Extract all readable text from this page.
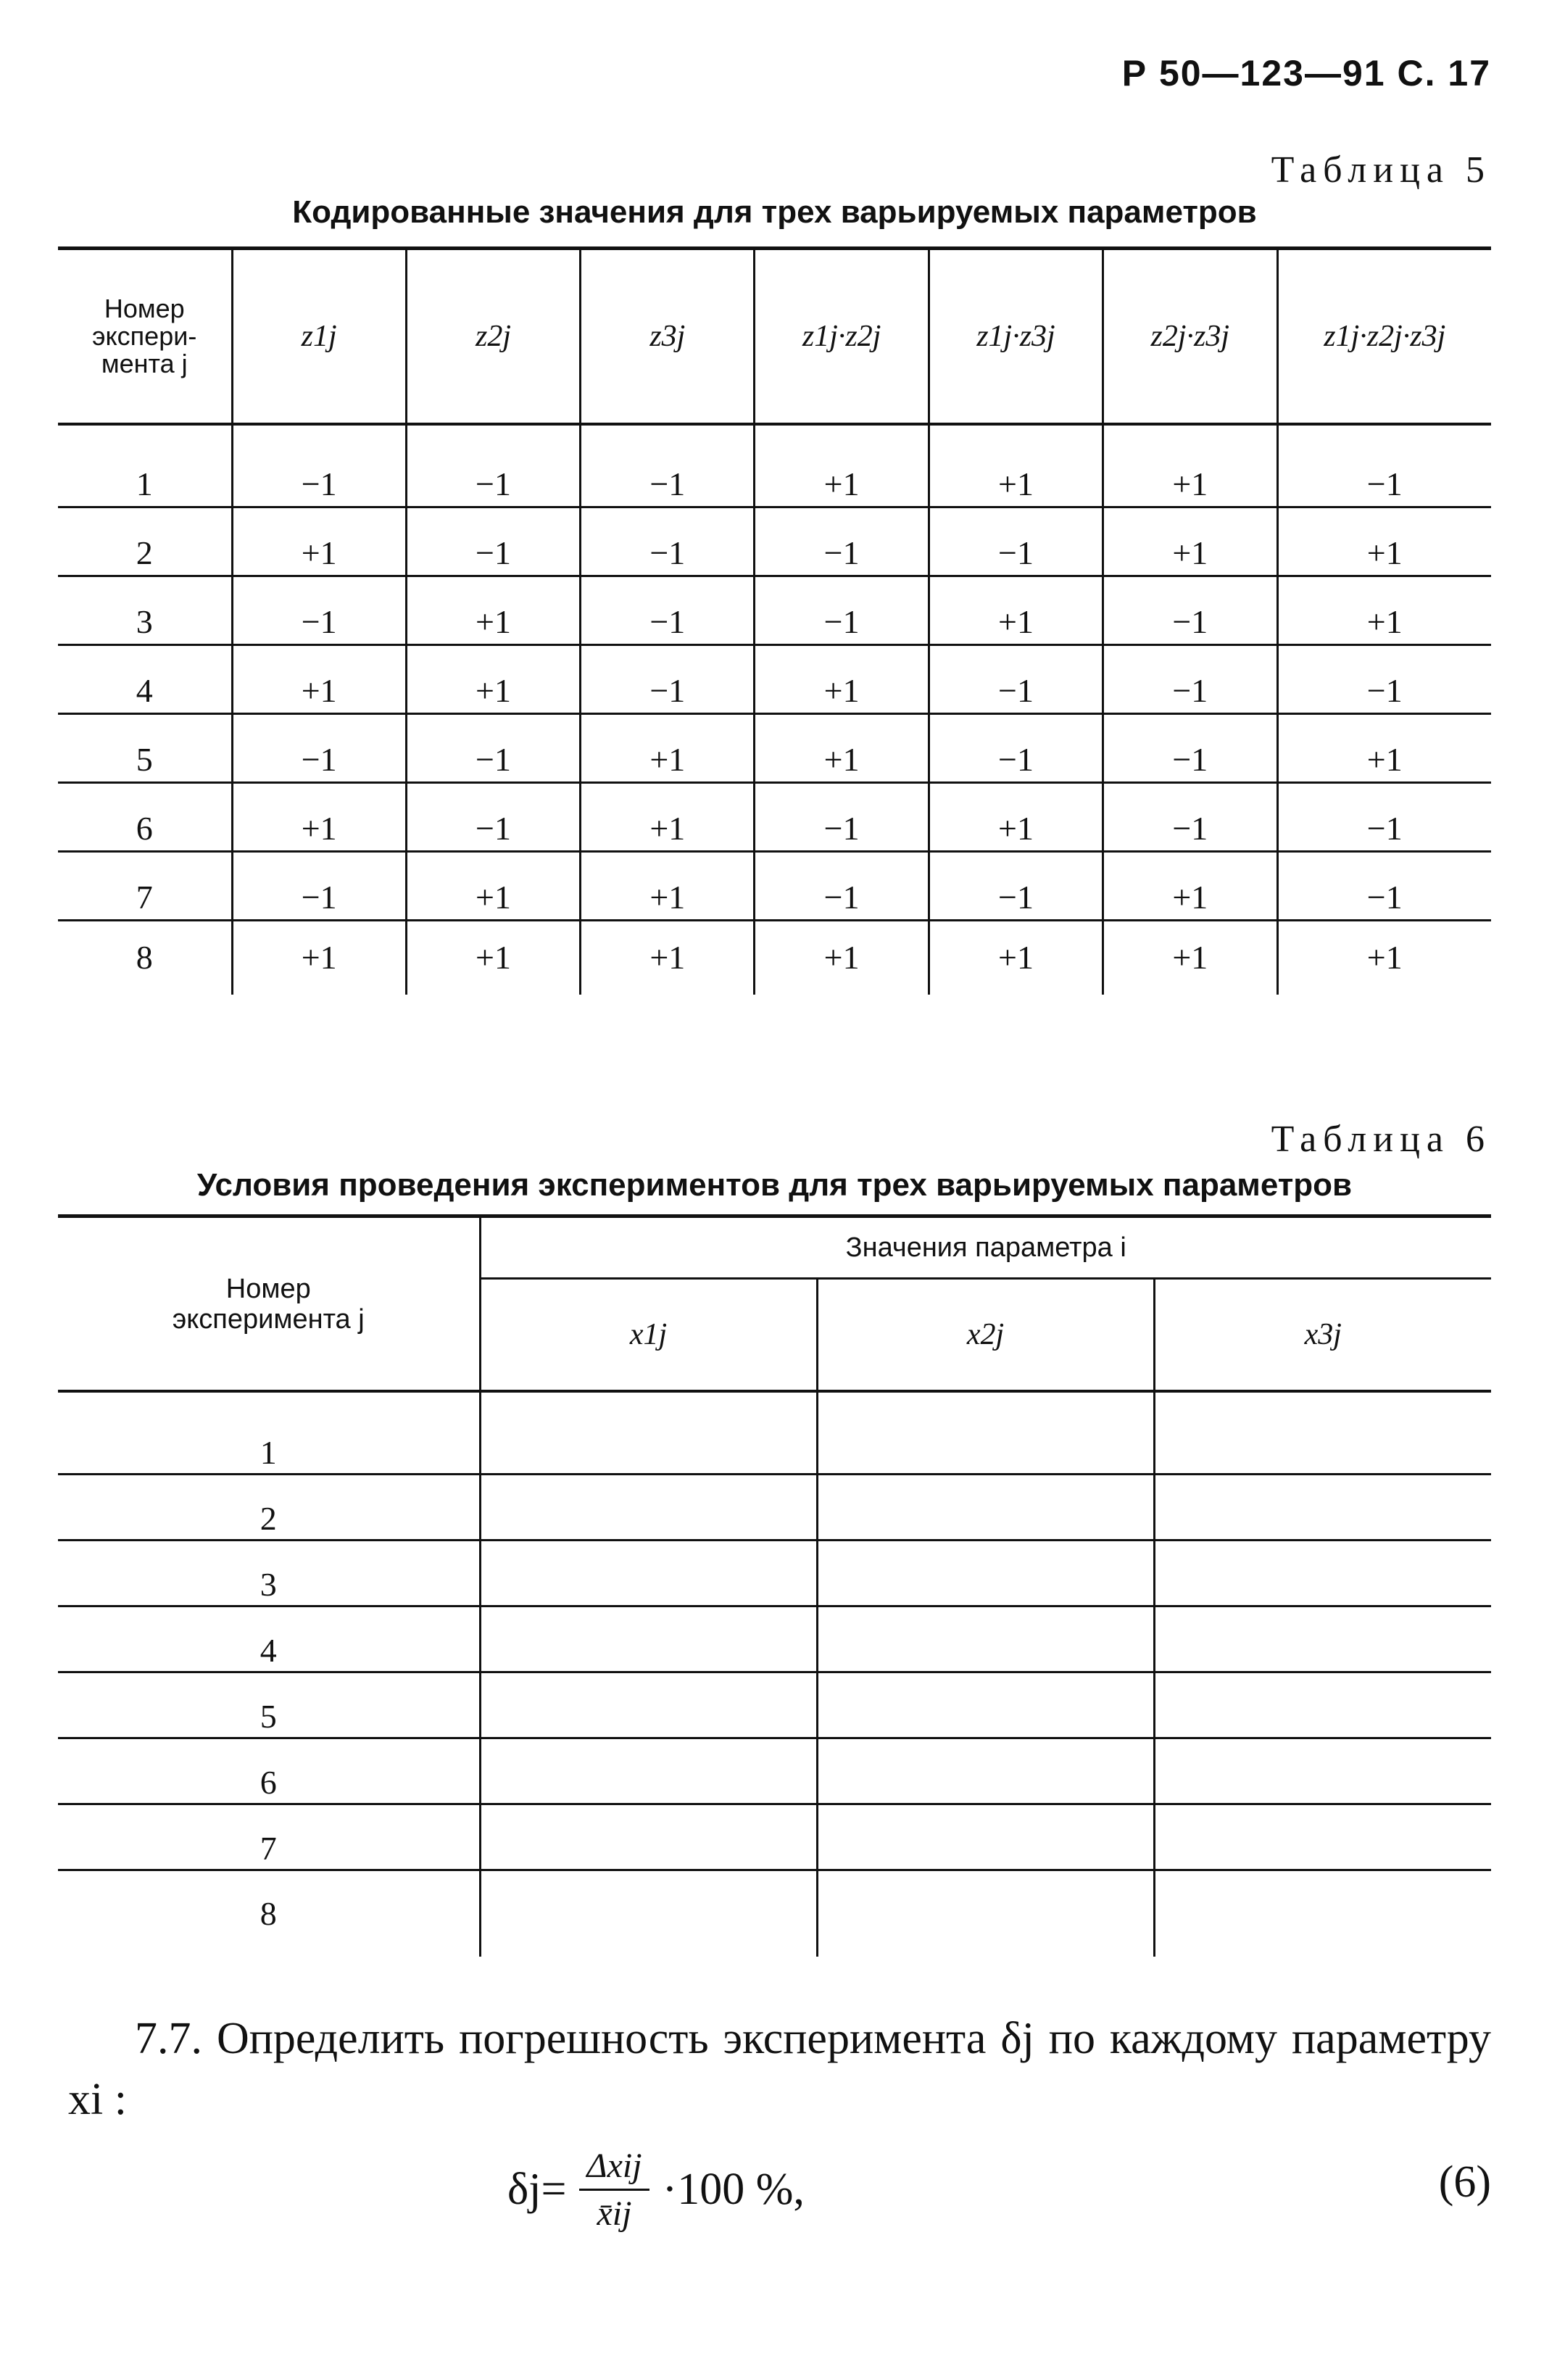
Р 50—123—91 С. 17
Таблица 5
Кодированные значения для трех варьируемых параметров
Номер
экспери-
мента j	z1j	z2j	z3j	z1j·z2j	z1j·z3j	z2j·z3j	z1j·z2j·z3j
1	−1	−1	−1	+1	+1	+1	−1
2	+1	−1	−1	−1	−1	+1	+1
3	−1	+1	−1	−1	+1	−1	+1
4	+1	+1	−1	+1	−1	−1	−1
5	−1	−1	+1	+1	−1	−1	+1
6	+1	−1	+1	−1	+1	−1	−1
7	−1	+1	+1	−1	−1	+1	−1
8	+1	+1	+1	+1	+1	+1	+1
Таблица 6
Условия проведения экспериментов для трех варьируемых параметров
Номер
эксперимента j	Значения параметра i		
	x1j	x2j	x3j
1			
2			
3			
4			
5			
6			
7			
8			

7.7. Определить погрешность эксперимента δj по каждому параметру xi :

$\delta j= \frac{\text{Δxij}}{x̄ij} \cdot 100$ %,	(6)
